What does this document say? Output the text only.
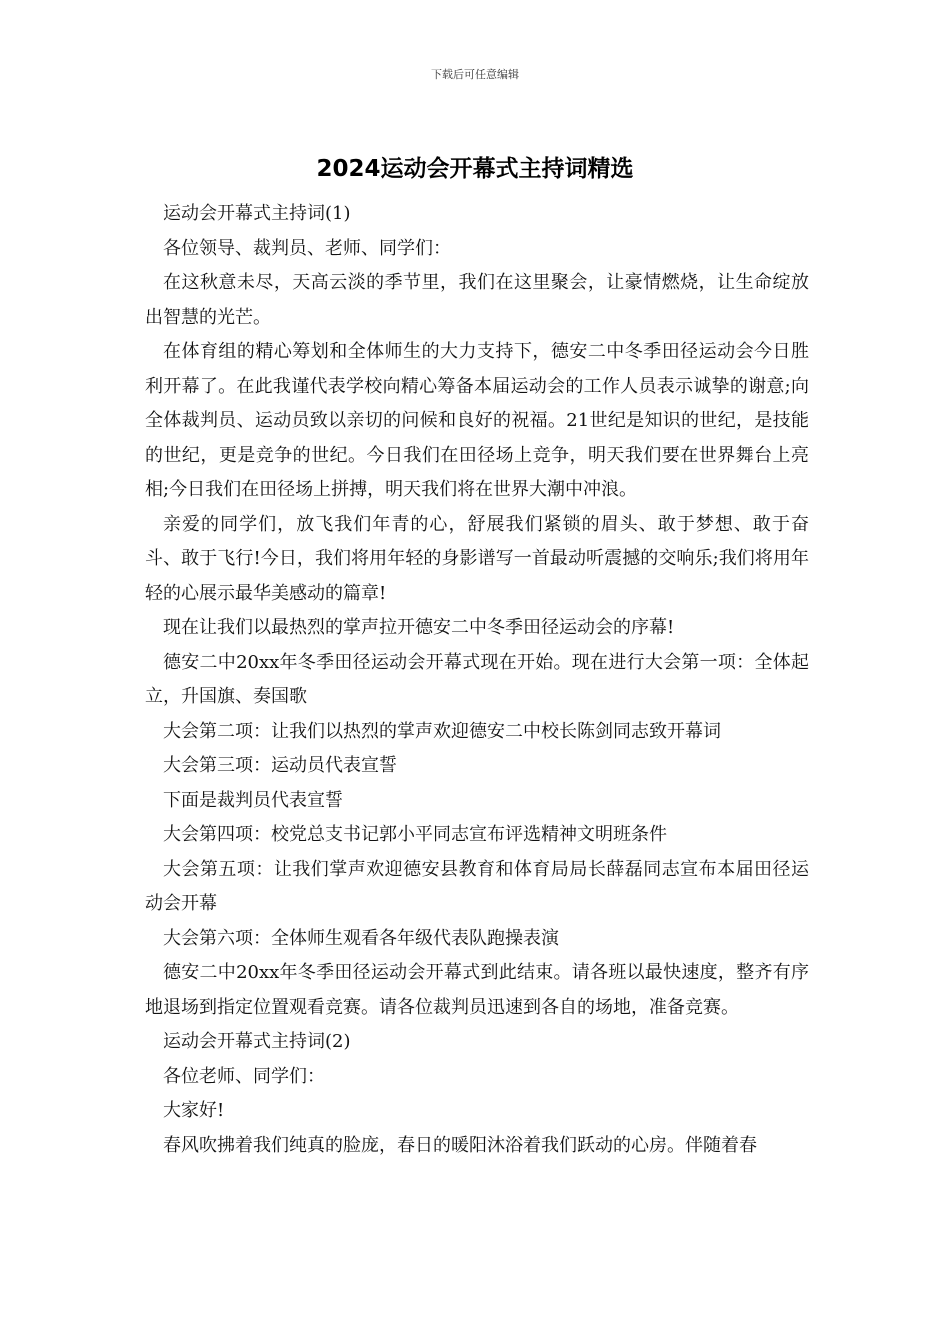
下载后可任意编辑
2024运动会开幕式主持词精选

运动会开幕式主持词(1)

各位领导、裁判员、老师、同学们：

在这秋意未尽，天高云淡的季节里，我们在这里聚会，让豪情燃烧，让生命绽放出智慧的光芒。

在体育组的精心筹划和全体师生的大力支持下，德安二中冬季田径运动会今日胜利开幕了。在此我谨代表学校向精心筹备本届运动会的工作人员表示诚挚的谢意;向全体裁判员、运动员致以亲切的问候和良好的祝福。21世纪是知识的世纪，是技能的世纪，更是竞争的世纪。今日我们在田径场上竞争，明天我们要在世界舞台上亮相;今日我们在田径场上拼搏，明天我们将在世界大潮中冲浪。

亲爱的同学们，放飞我们年青的心，舒展我们紧锁的眉头、敢于梦想、敢于奋斗、敢于飞行!今日，我们将用年轻的身影谱写一首最动听震撼的交响乐;我们将用年轻的心展示最华美感动的篇章!

现在让我们以最热烈的掌声拉开德安二中冬季田径运动会的序幕!

德安二中20xx年冬季田径运动会开幕式现在开始。现在进行大会第一项：全体起立，升国旗、奏国歌

大会第二项：让我们以热烈的掌声欢迎德安二中校长陈剑同志致开幕词

大会第三项：运动员代表宣誓

下面是裁判员代表宣誓

大会第四项：校党总支书记郭小平同志宣布评选精神文明班条件

大会第五项：让我们掌声欢迎德安县教育和体育局局长薛磊同志宣布本届田径运动会开幕

大会第六项：全体师生观看各年级代表队跑操表演

德安二中20xx年冬季田径运动会开幕式到此结束。请各班以最快速度，整齐有序地退场到指定位置观看竞赛。请各位裁判员迅速到各自的场地，准备竞赛。

运动会开幕式主持词(2)

各位老师、同学们：

大家好!

春风吹拂着我们纯真的脸庞，春日的暖阳沐浴着我们跃动的心房。伴随着春
